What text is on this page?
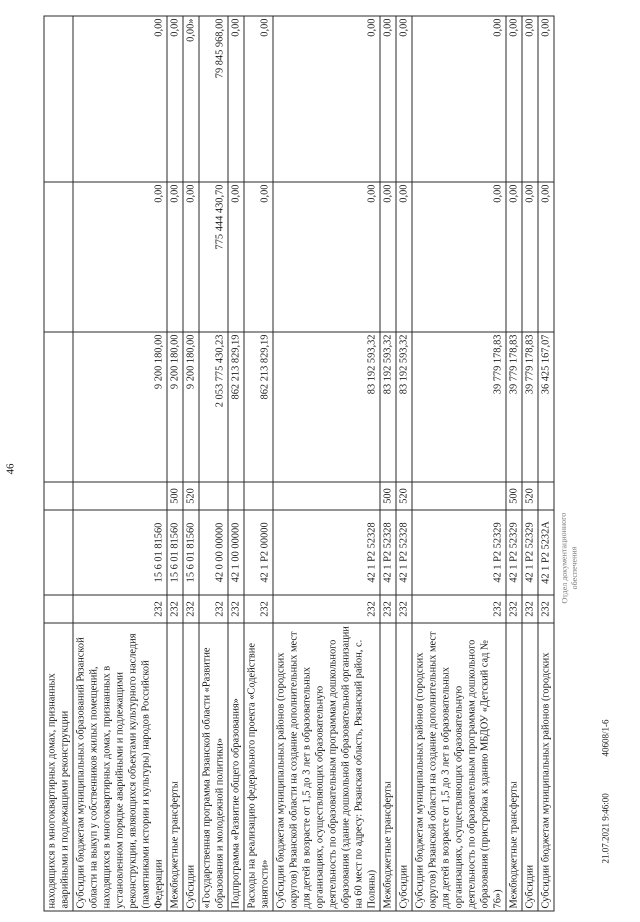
46
находящихся в многоквартирных домах, признанных аварийными и подлежащими реконструкции						
Субсидии бюджетам муниципальных образований Рязанской области на выкуп у собственников жилых помещений, находящихся в многоквартирных домах, признанных в установленном порядке аварийными и подлежащими реконструкции, являющихся объектами культурного наследия (памятниками истории и культуры) народов Российской Федерации	232	15 6 01 81560		9 200 180,00	0,00	0,00
Межбюджетные трансферты	232	15 6 01 81560	500	9 200 180,00	0,00	0,00
Субсидии	232	15 6 01 81560	520	9 200 180,00	0,00	0,00»
«Государственная программа Рязанской области «Развитие образования и молодежной политики»	232	42 0 00 00000		2 053 775 430,23	775 444 430,70	79 845 968,00
Подпрограмма «Развитие общего образования»	232	42 1 00 00000		862 213 829,19	0,00	0,00
Расходы на реализацию федерального проекта «Содействие занятости»	232	42 1 P2 00000		862 213 829,19	0,00	0,00
Субсидии бюджетам муниципальных районов (городских округов) Рязанской области на создание дополнительных мест для детей в возрасте от 1,5 до 3 лет в образовательных организациях, осуществляющих образовательную деятельность по образовательным программам дошкольного образования (здание дошкольной образовательной организации на 60 мест по адресу: Рязанская область, Рязанский район, с. Поляны)	232	42 1 P2 52328		83 192 593,32	0,00	0,00
Межбюджетные трансферты	232	42 1 P2 52328	500	83 192 593,32	0,00	0,00
Субсидии	232	42 1 P2 52328	520	83 192 593,32	0,00	0,00
Субсидии бюджетам муниципальных районов (городских округов) Рязанской области на создание дополнительных мест для детей в возрасте от 1,5 до 3 лет в образовательных организациях, осуществляющих образовательную деятельность по образовательным программам дошкольного образования (пристройка к зданию МБДОУ «Детский сад № 76»)	232	42 1 P2 52329		39 779 178,83	0,00	0,00
Межбюджетные трансферты	232	42 1 P2 52329	500	39 779 178,83	0,00	0,00
Субсидии	232	42 1 P2 52329	520	39 779 178,83	0,00	0,00
Субсидии бюджетам муниципальных районов (городских	232	42 1 P2 5232A		36 425 167,07	0,00	0,00
Отдел документационного обеспечения
21.07.2021 9:46:00
40608/1-6
